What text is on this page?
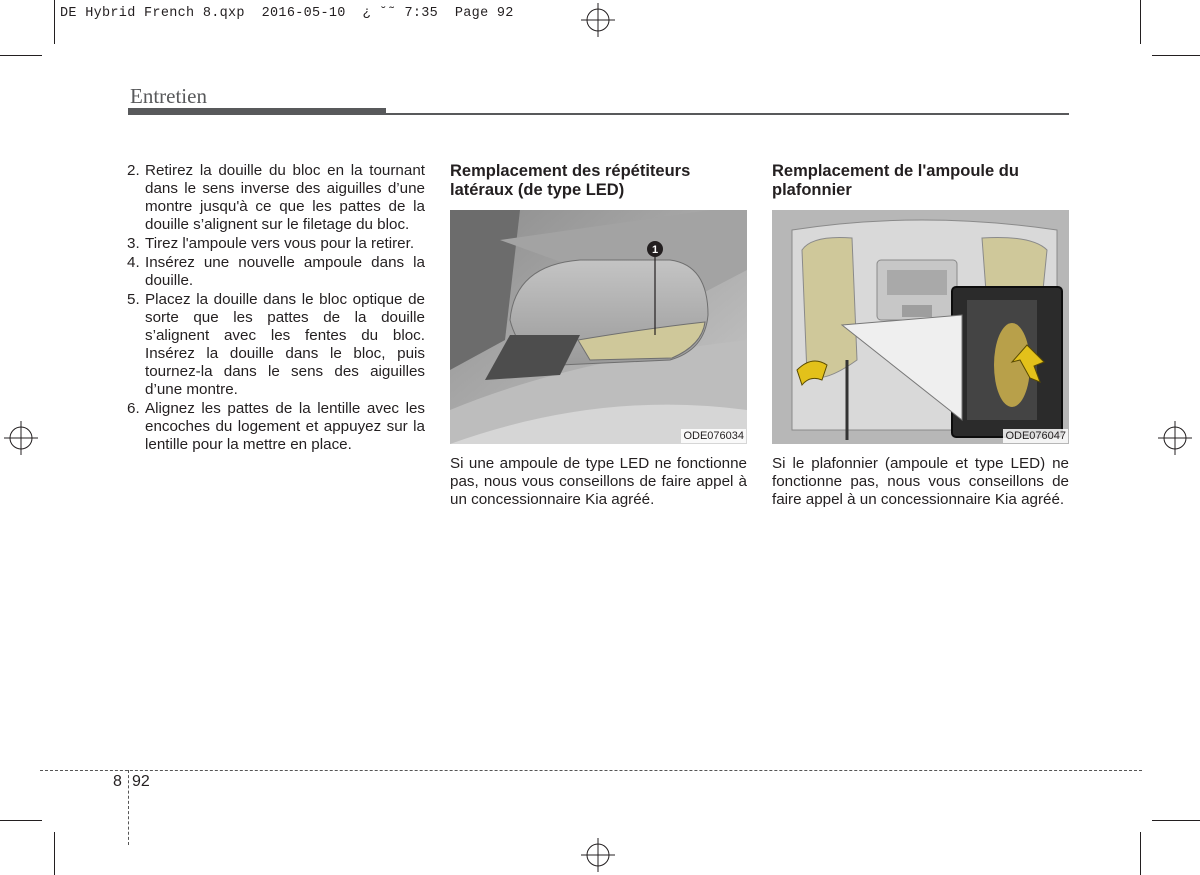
DE Hybrid French 8.qxp  2016-05-10  ¿ ˘˜ 7:35  Page 92
Entretien
2. Retirez la douille du bloc en la tournant dans le sens inverse des aiguilles d’une montre jusqu'à ce que les pattes de la douille s’alignent sur le filetage du bloc.
3. Tirez l'ampoule vers vous pour la retirer.
4. Insérez une nouvelle ampoule dans la douille.
5. Placez la douille dans le bloc optique de sorte que les pattes de la douille s’alignent avec les fentes du bloc. Insérez la douille dans le bloc, puis tournez-la dans le sens des aiguilles d’une montre.
6. Alignez les pattes de la lentille avec les encoches du logement et appuyez sur la lentille pour la mettre en place.
Remplacement des répétiteurs
latéraux (de type LED)
1
ODE076034
Si une ampoule de type LED ne fonctionne pas, nous vous conseillons de faire appel à un concessionnaire Kia agréé.
Remplacement de l'ampoule du
plafonnier
ODE076047
Si le plafonnier (ampoule et type LED) ne fonctionne pas, nous vous conseillons de faire appel à un concessionnaire Kia agréé.
8 92
